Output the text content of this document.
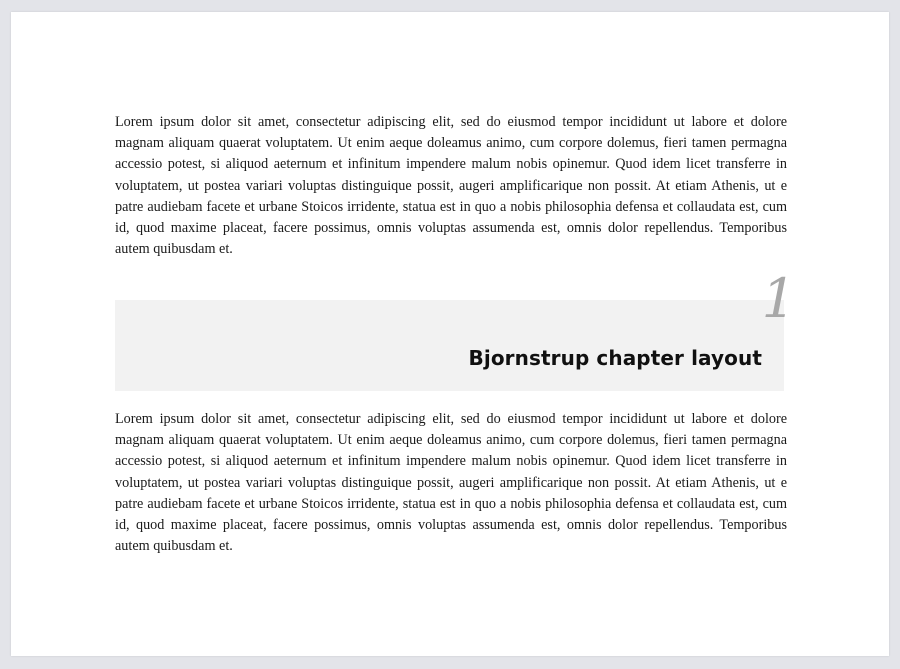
Lorem ipsum dolor sit amet, consectetur adipiscing elit, sed do eiusmod tempor incididunt ut labore et dolore magnam aliquam quaerat voluptatem. Ut enim aeque doleamus animo, cum corpore dolemus, fieri tamen permagna accessio potest, si aliquod aeternum et infinitum impendere malum nobis opinemur. Quod idem licet transferre in voluptatem, ut postea variari voluptas distinguique possit, augeri amplificarique non possit. At etiam Athenis, ut e patre audiebam facete et urbane Stoicos irridente, statua est in quo a nobis philosophia defensa et collaudata est, cum id, quod maxime placeat, facere possimus, omnis voluptas assumenda est, omnis dolor repellendus. Temporibus autem quibusdam et.

1
Bjornstrup chapter layout

Lorem ipsum dolor sit amet, consectetur adipiscing elit, sed do eiusmod tempor incididunt ut labore et dolore magnam aliquam quaerat voluptatem. Ut enim aeque doleamus animo, cum corpore dolemus, fieri tamen permagna accessio potest, si aliquod aeternum et infinitum impendere malum nobis opinemur. Quod idem licet transferre in voluptatem, ut postea variari voluptas distinguique possit, augeri amplificarique non possit. At etiam Athenis, ut e patre audiebam facete et urbane Stoicos irridente, statua est in quo a nobis philosophia defensa et collaudata est, cum id, quod maxime placeat, facere possimus, omnis voluptas assumenda est, omnis dolor repellendus. Temporibus autem quibusdam et.
